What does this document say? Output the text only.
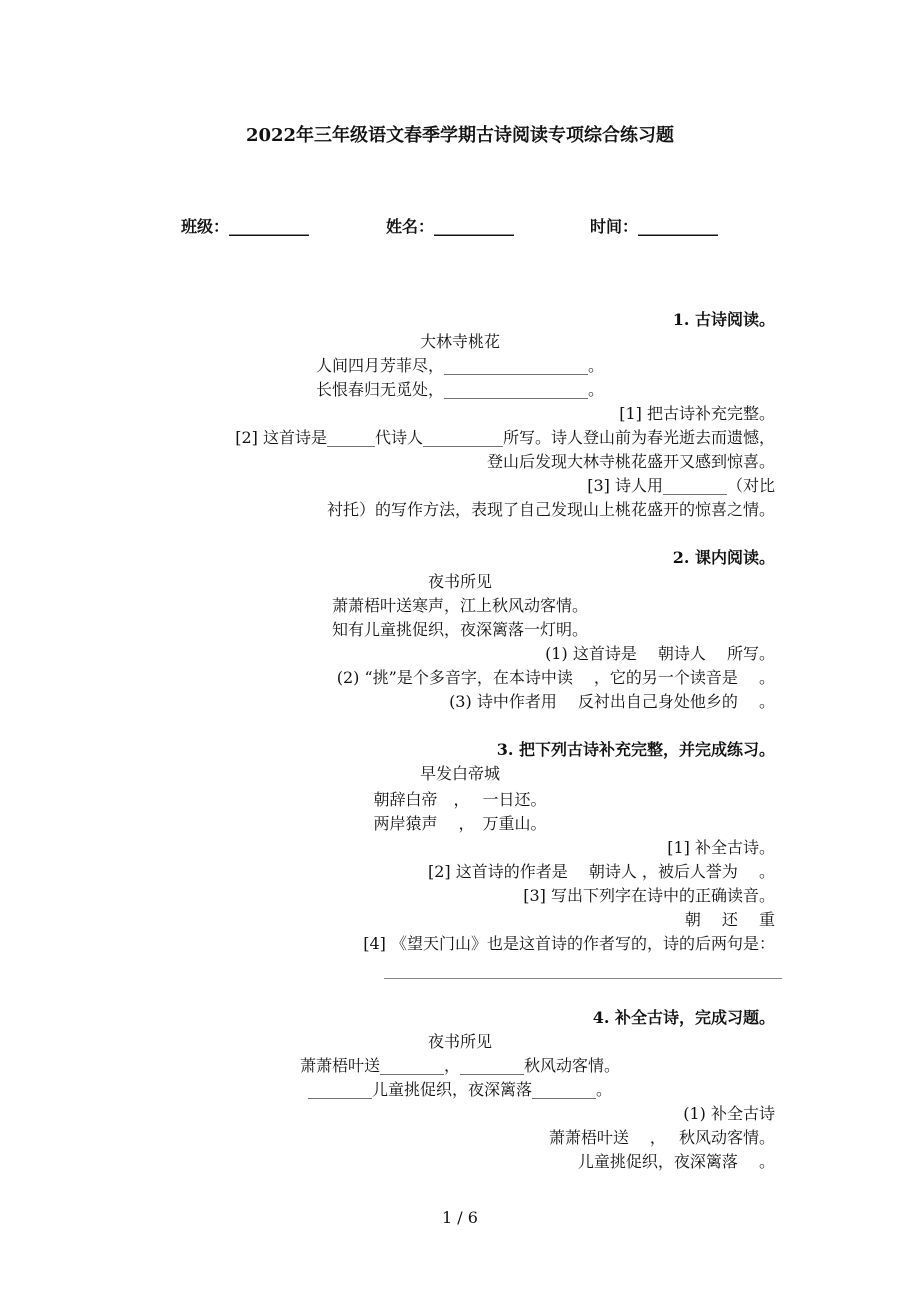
2022年三年级语文春季学期古诗阅读专项综合练习题
班级：__________	姓名：__________	时间：__________
1. 古诗阅读。
大林寺桃花
人间四月芳菲尽，__________________。
长恨春归无觅处，__________________。
[1] 把古诗补充完整。
[2] 这首诗是______代诗人__________所写。诗人登山前为春光逝去而遗憾，
登山后发现大林寺桃花盛开又感到惊喜。
[3] 诗人用________（对比
衬托）的写作方法，表现了自己发现山上桃花盛开的惊喜之情。
2. 课内阅读。
夜书所见
萧萧梧叶送寒声，江上秋风动客情。
知有儿童挑促织，夜深篱落一灯明。
(1) 这首诗是　 朝诗人　 所写。
(2) “挑”是个多音字，在本诗中读　 ，它的另一个读音是　 。
(3) 诗中作者用　 反衬出自己身处他乡的　 。
3. 把下列古诗补充完整，并完成练习。
早发白帝城
朝辞白帝　，　 一日还。
两岸猿声　 ，　万重山。
[1] 补全古诗。
[2] 这首诗的作者是　 朝诗人 ，被后人誉为　 。
[3] 写出下列字在诗中的正确读音。
朝　 还　 重
[4] 《望天门山》也是这首诗的作者写的，诗的后两句是：
4. 补全古诗，完成习题。
夜书所见
萧萧梧叶送________，________秋风动客情。
________儿童挑促织，夜深篱落________。
(1) 补全古诗
萧萧梧叶送　 ，　 秋风动客情。
儿童挑促织，夜深篱落　 。
1 / 6
